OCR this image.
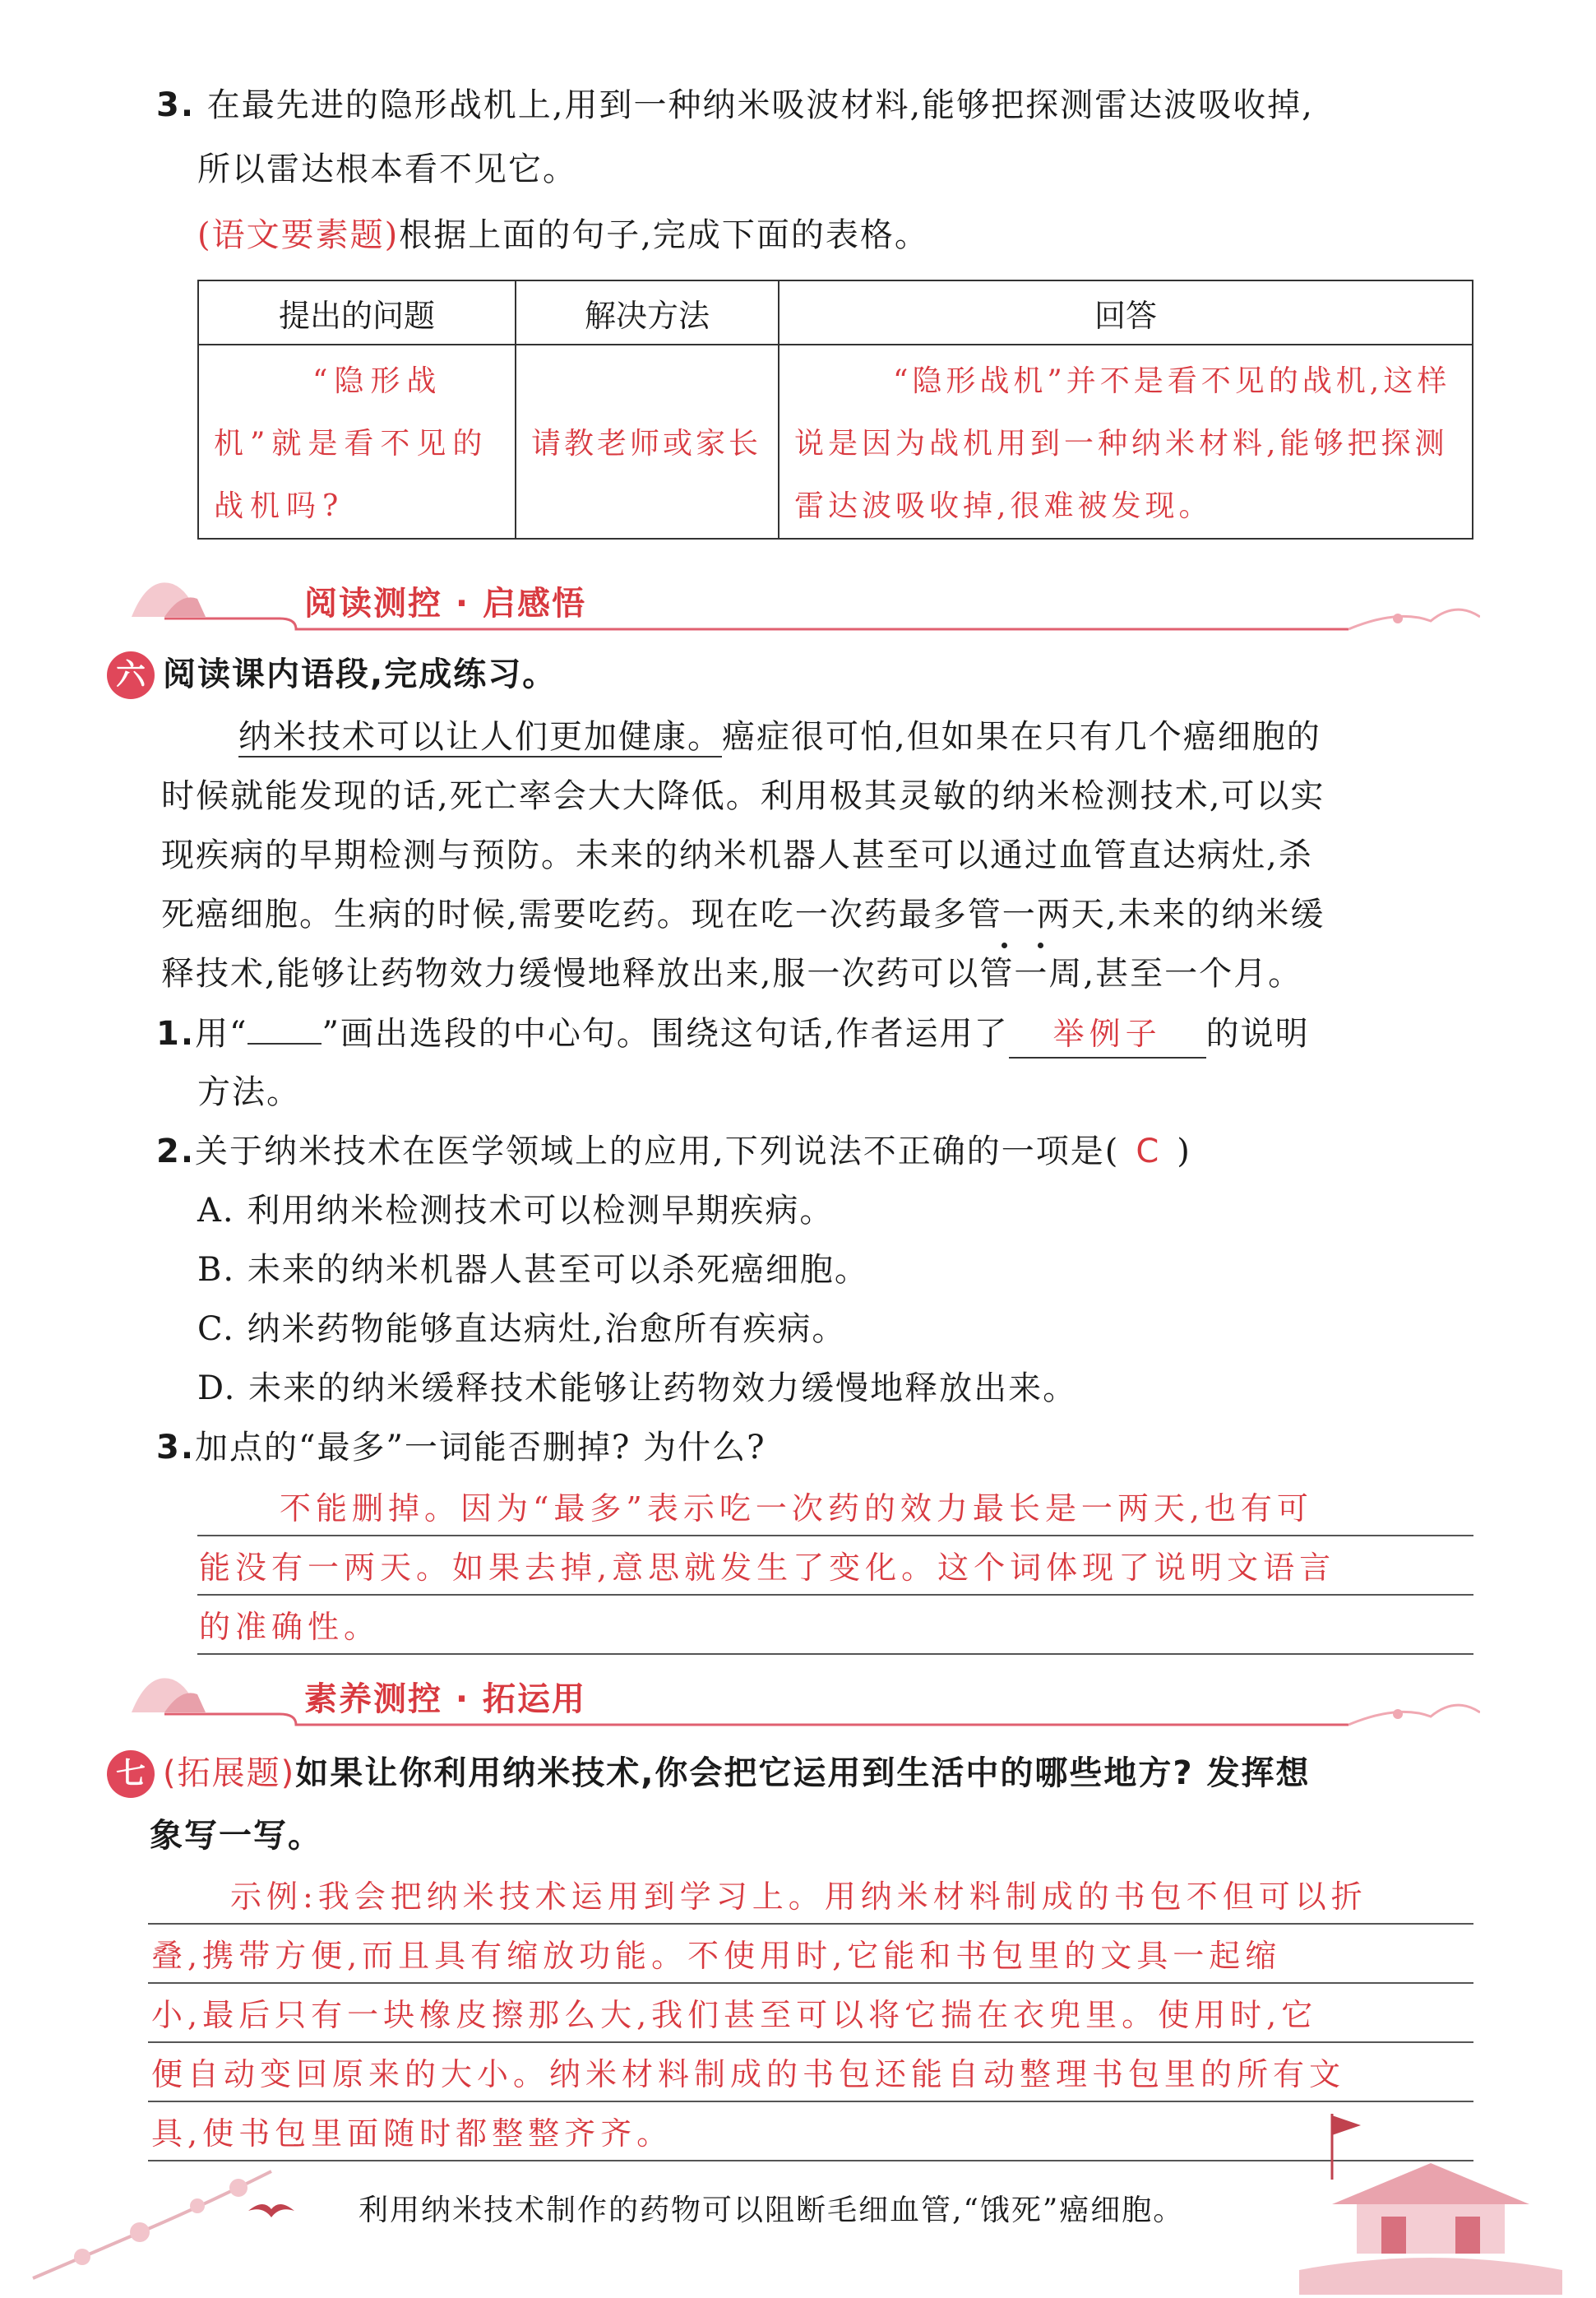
3. 在最先进的隐形战机上,用到一种纳米吸波材料,能够把探测雷达波吸收掉,
所以雷达根本看不见它。
(语文要素题)根据上面的句子,完成下面的表格。
提出的问题	解决方法	回答

“隐形战机”就是看不见的战机吗?	请教老师或家长	“隐形战机”并不是看不见的战机,这样说是因为战机用到一种纳米材料,能够把探测雷达波吸收掉,很难被发现。
阅读测控 · 启感悟
六 阅读课内语段,完成练习。
纳米技术可以让人们更加健康。癌症很可怕,但如果在只有几个癌细胞的
时候就能发现的话,死亡率会大大降低。利用极其灵敏的纳米检测技术,可以实
现疾病的早期检测与预防。未来的纳米机器人甚至可以通过血管直达病灶,杀
死癌细胞。生病的时候,需要吃药。现在吃一次药最多管一两天,未来的纳米缓
释技术,能够让药物效力缓慢地释放出来,服一次药可以管一周,甚至一个月。
1.用“ ”画出选段的中心句。围绕这句话,作者运用了 举例子 的说明
方法。
2.关于纳米技术在医学领域上的应用,下列说法不正确的一项是( C )
A. 利用纳米检测技术可以检测早期疾病。
B. 未来的纳米机器人甚至可以杀死癌细胞。
C. 纳米药物能够直达病灶,治愈所有疾病。
D. 未来的纳米缓释技术能够让药物效力缓慢地释放出来。
3.加点的“最多”一词能否删掉? 为什么?
不能删掉。因为“最多”表示吃一次药的效力最长是一两天,也有可
能没有一两天。如果去掉,意思就发生了变化。这个词体现了说明文语言
的准确性。
素养测控 · 拓运用
七 (拓展题)如果让你利用纳米技术,你会把它运用到生活中的哪些地方? 发挥想
象写一写。
示例:我会把纳米技术运用到学习上。用纳米材料制成的书包不但可以折
叠,携带方便,而且具有缩放功能。不使用时,它能和书包里的文具一起缩
小,最后只有一块橡皮擦那么大,我们甚至可以将它揣在衣兜里。使用时,它
便自动变回原来的大小。纳米材料制成的书包还能自动整理书包里的所有文
具,使书包里面随时都整整齐齐。
利用纳米技术制作的药物可以阻断毛细血管,“饿死”癌细胞。
